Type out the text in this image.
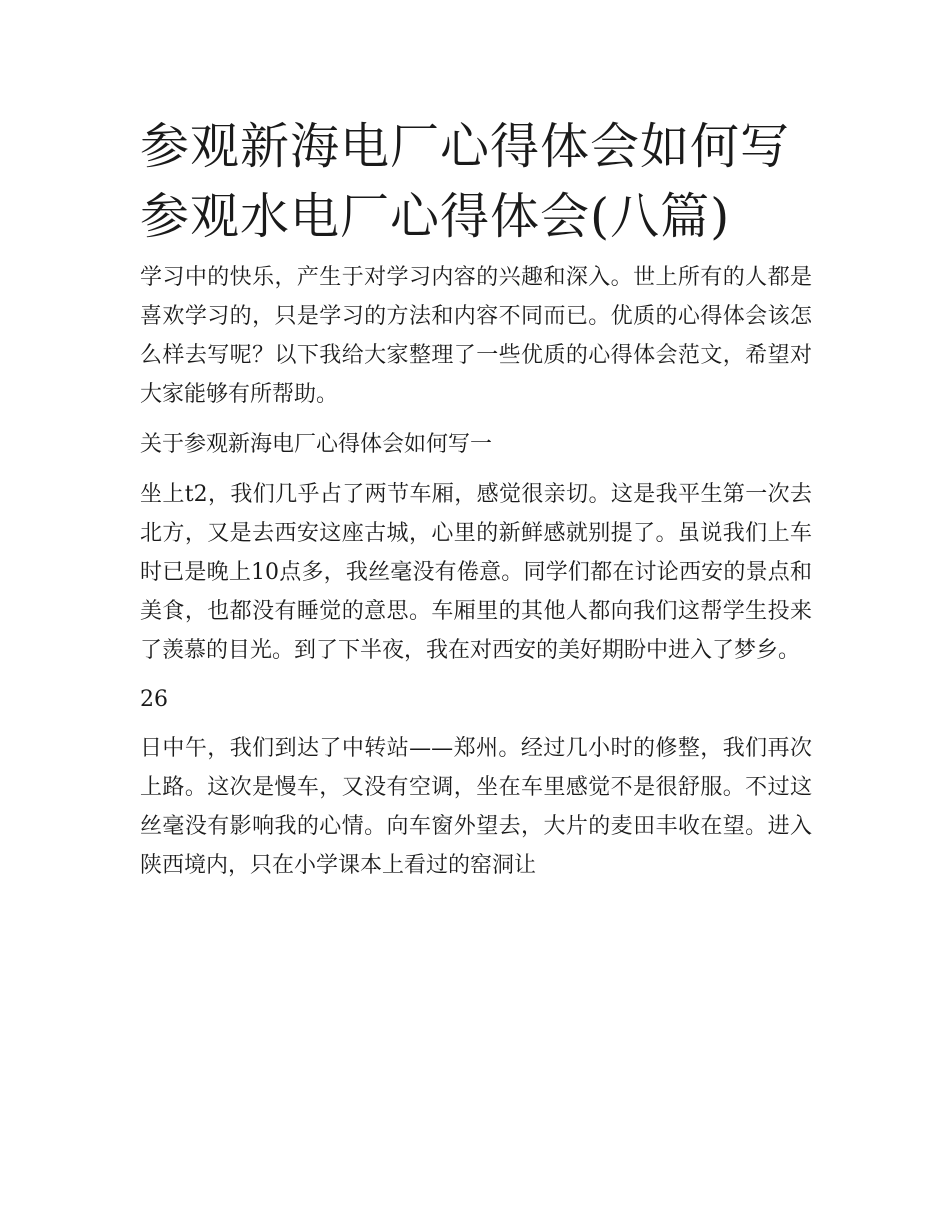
参观新海电厂心得体会如何写
参观水电厂心得体会(八篇)

学习中的快乐，产生于对学习内容的兴趣和深入。世上所有的人都是喜欢学习的，只是学习的方法和内容不同而已。优质的心得体会该怎么样去写呢？以下我给大家整理了一些优质的心得体会范文，希望对大家能够有所帮助。

关于参观新海电厂心得体会如何写一

坐上t2，我们几乎占了两节车厢，感觉很亲切。这是我平生第一次去北方，又是去西安这座古城，心里的新鲜感就别提了。虽说我们上车时已是晚上10点多，我丝毫没有倦意。同学们都在讨论西安的景点和美食，也都没有睡觉的意思。车厢里的其他人都向我们这帮学生投来了羡慕的目光。到了下半夜，我在对西安的美好期盼中进入了梦乡。

26

日中午，我们到达了中转站——郑州。经过几小时的修整，我们再次上路。这次是慢车，又没有空调，坐在车里感觉不是很舒服。不过这丝毫没有影响我的心情。向车窗外望去，大片的麦田丰收在望。进入陕西境内，只在小学课本上看过的窑洞让
